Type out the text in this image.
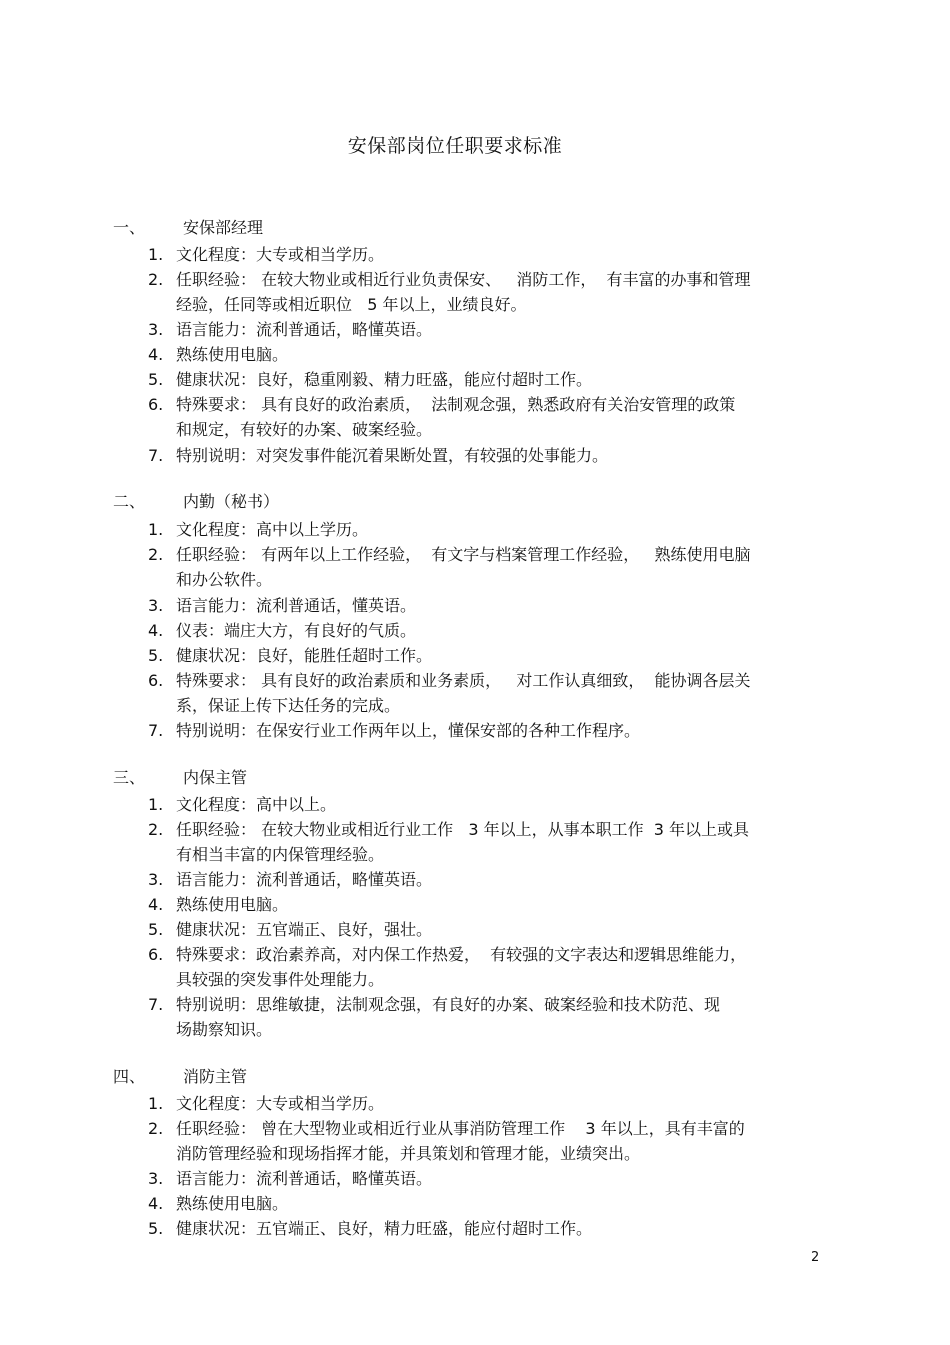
安保部岗位任职要求标准
一、 安保部经理
1. 文化程度：大专或相当学历。
2. 任职经验： 在较大物业或相近行业负责保安、   消防工作，  有丰富的办事和管理
经验，任同等或相近职位   5 年以上，业绩良好。
3. 语言能力：流利普通话，略懂英语。
4. 熟练使用电脑。
5. 健康状况：良好，稳重刚毅、精力旺盛，能应付超时工作。
6. 特殊要求： 具有良好的政治素质，  法制观念强，熟悉政府有关治安管理的政策
和规定，有较好的办案、破案经验。
7. 特别说明：对突发事件能沉着果断处置，有较强的处事能力。
二、 内勤（秘书）
1. 文化程度：高中以上学历。
2. 任职经验： 有两年以上工作经验，  有文字与档案管理工作经验，   熟练使用电脑
和办公软件。
3. 语言能力：流利普通话，懂英语。
4. 仪表：端庄大方，有良好的气质。
5. 健康状况：良好，能胜任超时工作。
6. 特殊要求： 具有良好的政治素质和业务素质，   对工作认真细致，  能协调各层关
系，保证上传下达任务的完成。
7. 特别说明：在保安行业工作两年以上，懂保安部的各种工作程序。
三、 内保主管
1. 文化程度：高中以上。
2. 任职经验： 在较大物业或相近行业工作   3 年以上，从事本职工作  3 年以上或具
有相当丰富的内保管理经验。
3. 语言能力：流利普通话，略懂英语。
4. 熟练使用电脑。
5. 健康状况：五官端正、良好，强壮。
6. 特殊要求：政治素养高，对内保工作热爱，  有较强的文字表达和逻辑思维能力，
具较强的突发事件处理能力。
7. 特别说明：思维敏捷，法制观念强，有良好的办案、破案经验和技术防范、现
场勘察知识。
四、 消防主管
1. 文化程度：大专或相当学历。
2. 任职经验： 曾在大型物业或相近行业从事消防管理工作    3 年以上，具有丰富的
消防管理经验和现场指挥才能，并具策划和管理才能，业绩突出。
3. 语言能力：流利普通话，略懂英语。
4. 熟练使用电脑。
5. 健康状况：五官端正、良好，精力旺盛，能应付超时工作。
2
